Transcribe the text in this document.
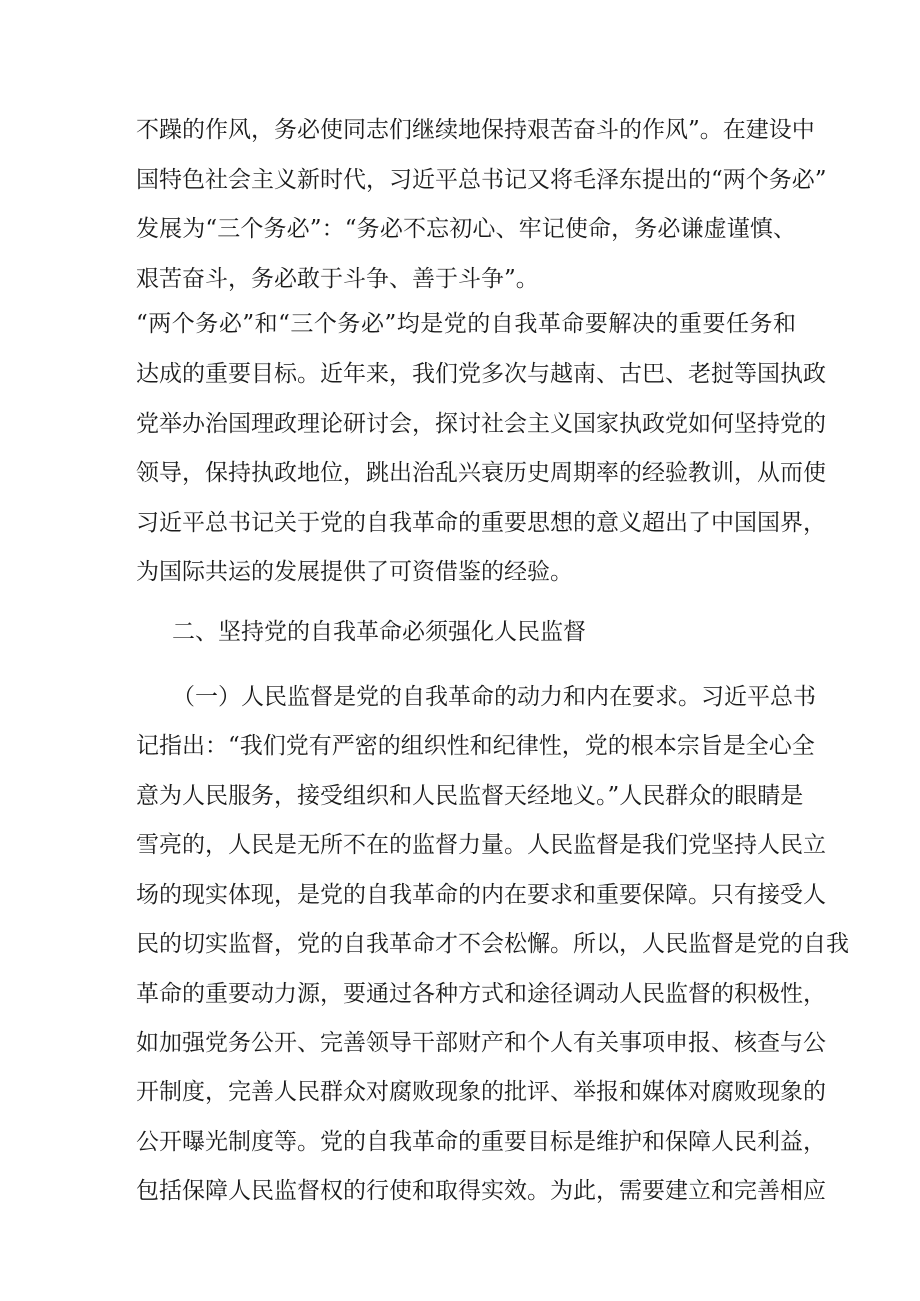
不躁的作风，务必使同志们继续地保持艰苦奋斗的作风”。在建设中
国特色社会主义新时代，习近平总书记又将毛泽东提出的“两个务必”
发展为“三个务必”：“务必不忘初心、牢记使命，务必谦虚谨慎、
艰苦奋斗，务必敢于斗争、善于斗争”。
“两个务必”和“三个务必”均是党的自我革命要解决的重要任务和
达成的重要目标。近年来，我们党多次与越南、古巴、老挝等国执政
党举办治国理政理论研讨会，探讨社会主义国家执政党如何坚持党的
领导，保持执政地位，跳出治乱兴衰历史周期率的经验教训，从而使
习近平总书记关于党的自我革命的重要思想的意义超出了中国国界，
为国际共运的发展提供了可资借鉴的经验。
二、坚持党的自我革命必须强化人民监督
（一）人民监督是党的自我革命的动力和内在要求。习近平总书
记指出：“我们党有严密的组织性和纪律性，党的根本宗旨是全心全
意为人民服务，接受组织和人民监督天经地义。”人民群众的眼睛是
雪亮的，人民是无所不在的监督力量。人民监督是我们党坚持人民立
场的现实体现，是党的自我革命的内在要求和重要保障。只有接受人
民的切实监督，党的自我革命才不会松懈。所以，人民监督是党的自我
革命的重要动力源，要通过各种方式和途径调动人民监督的积极性，
如加强党务公开、完善领导干部财产和个人有关事项申报、核查与公
开制度，完善人民群众对腐败现象的批评、举报和媒体对腐败现象的
公开曝光制度等。党的自我革命的重要目标是维护和保障人民利益，
包括保障人民监督权的行使和取得实效。为此，需要建立和完善相应
